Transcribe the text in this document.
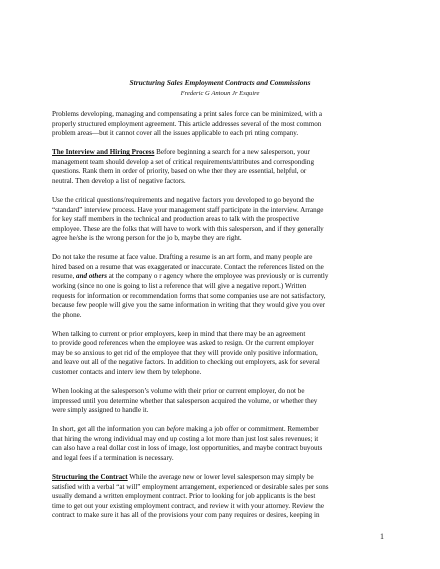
Structuring Sales Employment Contracts and Commissions
Frederic G Antoun Jr Esquire

Problems developing, managing and compensating a print sales force can be minimized, with a
properly structured employment agreement. This article addresses several of the most common
problem areas—but it cannot cover all the issues applicable to each pri nting company.

The Interview and Hiring Process Before beginning a search for a new salesperson, your
management team should develop a set of critical requirements/attributes and corresponding
questions. Rank them in order of priority, based on whe ther they are essential, helpful, or
neutral. Then develop a list of negative factors.

Use the critical questions/requirements and negative factors you developed to go beyond the
“standard” interview process. Have your management staff participate in the interview. Arrange
for key staff members in the technical and production areas to talk with the prospective
employee. These are the folks that will have to work with this salesperson, and if they generally
agree he/she is the wrong person for the jo b, maybe they are right.

Do not take the resume at face value. Drafting a resume is an art form, and many people are
hired based on a resume that was exaggerated or inaccurate. Contact the references listed on the
resume, and others at the company o r agency where the employee was previously or is currently
working (since no one is going to list a reference that will give a negative report.) Written
requests for information or recommendation forms that some companies use are not satisfactory,
because few people will give you the same information in writing that they would give you over
the phone.

When talking to current or prior employers, keep in mind that there may be an agreement
to provide good references when the employee was asked to resign. Or the current employer
may be so anxious to get rid of the employee that they will provide only positive information,
and leave out all of the negative factors. In addition to checking out employers, ask for several
customer contacts and interv iew them by telephone.

When looking at the salesperson’s volume with their prior or current employer, do not be
impressed until you determine whether that salesperson acquired the volume, or whether they
were simply assigned to handle it.

In short, get all the information you can before making a job offer or commitment. Remember
that hiring the wrong individual may end up costing a lot more than just lost sales revenues; it
can also have a real dollar cost in loss of image, lost opportunities, and maybe contract buyouts
and legal fees if a termination is necessary.

Structuring the Contract While the average new or lower level salesperson may simply be
satisfied with a verbal “at will” employment arrangement, experienced or desirable sales per sons
usually demand a written employment contract. Prior to looking for job applicants is the best
time to get out your existing employment contract, and review it with your attorney. Review the
contract to make sure it has all of the provisions your com pany requires or desires, keeping in

1
